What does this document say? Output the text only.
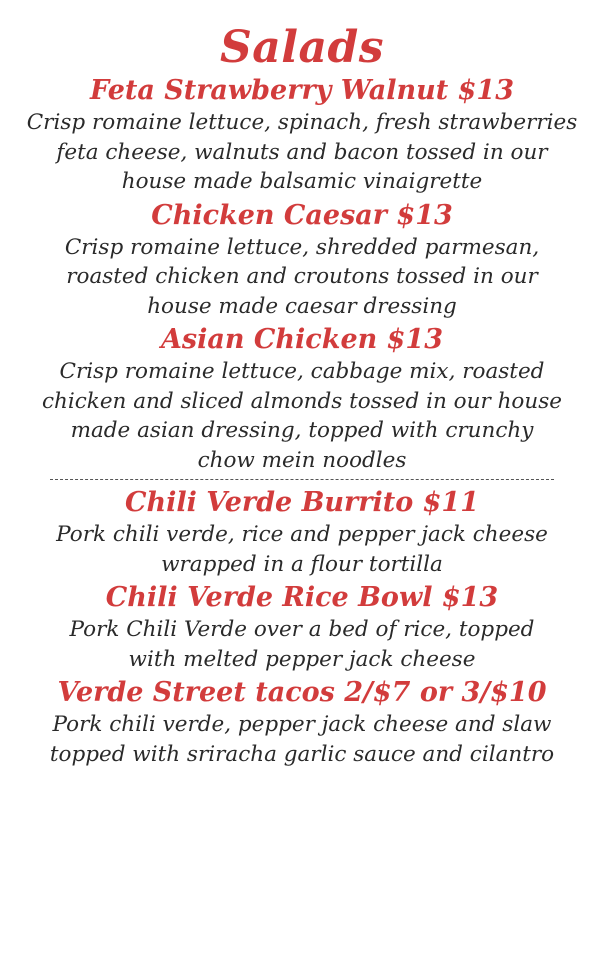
Salads
Feta Strawberry Walnut $13

Crisp romaine lettuce, spinach, fresh strawberries
feta cheese, walnuts and bacon tossed in our
house made balsamic vinaigrette

Chicken Caesar $13

Crisp romaine lettuce, shredded parmesan,
roasted chicken and croutons tossed in our
house made caesar dressing

Asian Chicken $13

Crisp romaine lettuce, cabbage mix, roasted
chicken and sliced almonds tossed in our house
made asian dressing, topped with crunchy
chow mein noodles

Chili Verde Burrito $11

Pork chili verde, rice and pepper jack cheese
wrapped in a flour tortilla

Chili Verde Rice Bowl $13

Pork Chili Verde over a bed of rice, topped
with melted pepper jack cheese

Verde Street tacos 2/$7 or 3/$10

Pork chili verde, pepper jack cheese and slaw
topped with sriracha garlic sauce and cilantro
